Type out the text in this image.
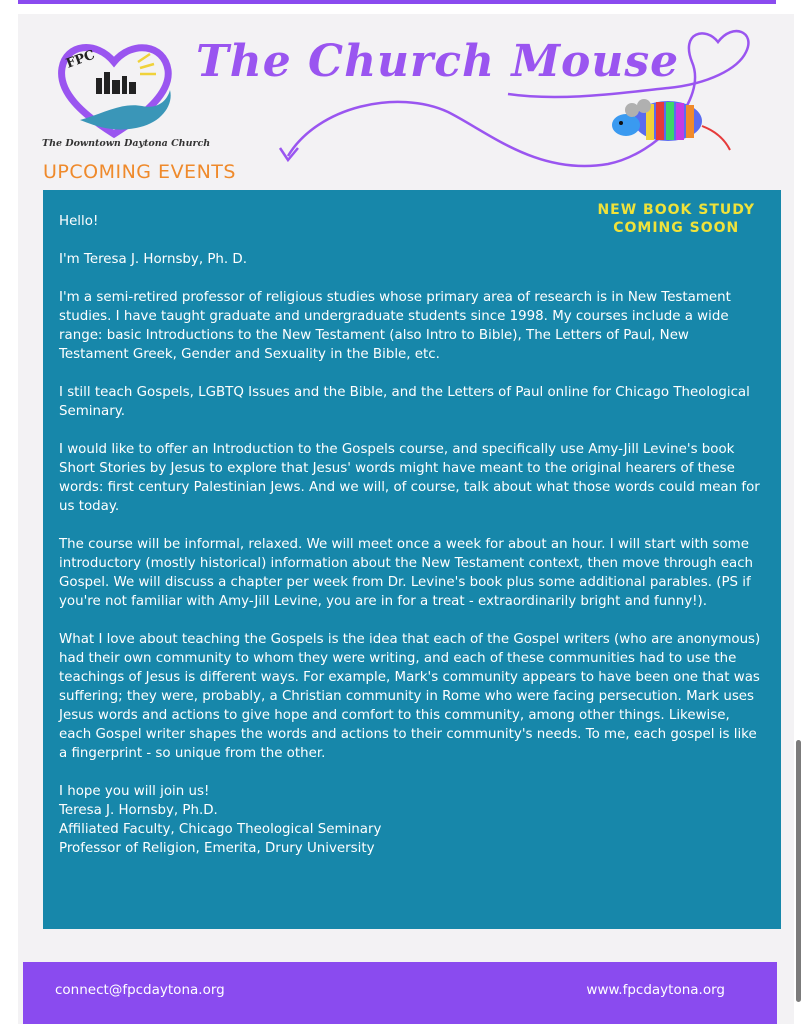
FPC
The Downtown Daytona Church
The Church Mouse
UPCOMING EVENTS
NEW BOOK STUDY
COMING SOON

Hello!

I'm Teresa J. Hornsby, Ph. D.

I'm a semi-retired professor of religious studies whose primary area of research is in New Testament studies. I have taught graduate and undergraduate students since 1998. My courses include a wide range: basic Introductions to the New Testament (also Intro to Bible), The Letters of Paul, New Testament Greek, Gender and Sexuality in the Bible, etc.

I still teach Gospels, LGBTQ Issues and the Bible, and the Letters of Paul online for Chicago Theological Seminary.

I would like to offer an Introduction to the Gospels course, and specifically use Amy-Jill Levine's book Short Stories by Jesus to explore that Jesus' words might have meant to the original hearers of these words: first century Palestinian Jews. And we will, of course, talk about what those words could mean for us today.

The course will be informal, relaxed. We will meet once a week for about an hour. I will start with some introductory (mostly historical) information about the New Testament context, then move through each Gospel. We will discuss a chapter per week from Dr. Levine's book plus some additional parables. (PS if you're not familiar with Amy-Jill Levine, you are in for a treat - extraordinarily bright and funny!).

What I love about teaching the Gospels is the idea that each of the Gospel writers (who are anonymous) had their own community to whom they were writing, and each of these communities had to use the teachings of Jesus is different ways. For example, Mark's community appears to have been one that was suffering; they were, probably, a Christian community in Rome who were facing persecution. Mark uses Jesus words and actions to give hope and comfort to this community, among other things. Likewise, each Gospel writer shapes the words and actions to their community's needs. To me, each gospel is like a fingerprint - so unique from the other.

I hope you will join us!
Teresa J. Hornsby, Ph.D.
Affiliated Faculty, Chicago Theological Seminary
Professor of Religion, Emerita, Drury University

connect@fpcdaytona.org	www.fpcdaytona.org
